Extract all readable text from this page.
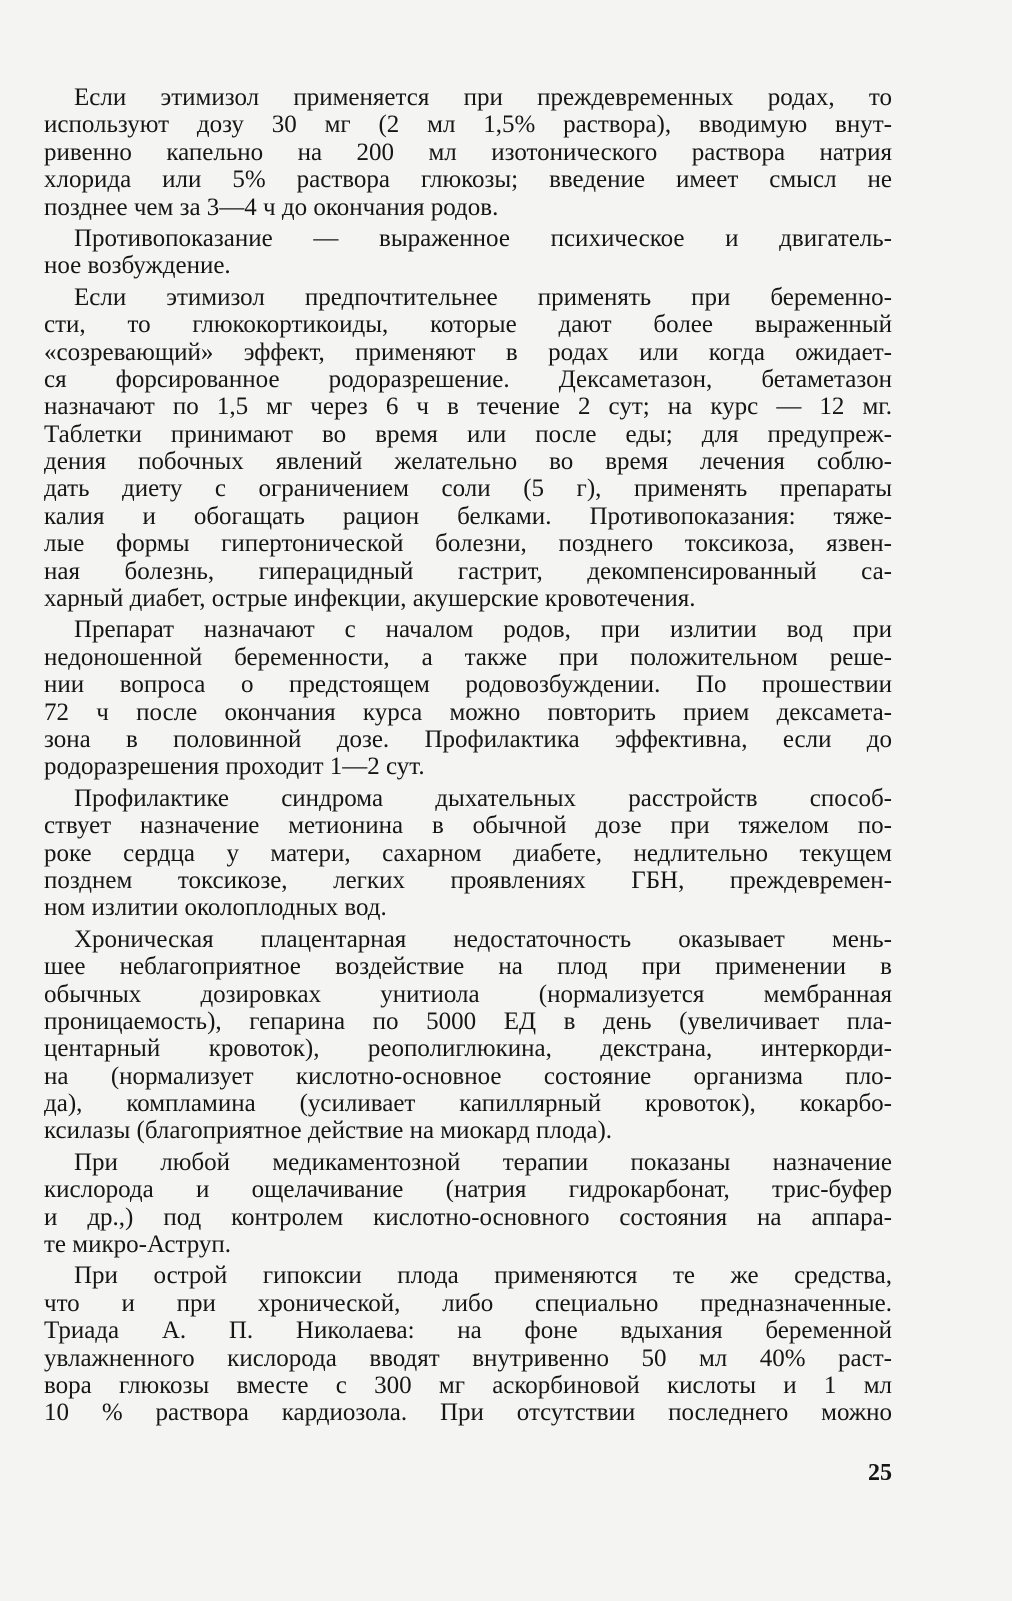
Если этимизол применяется при преждевременных родах, то
используют дозу 30 мг (2 мл 1,5% раствора), вводимую внут-
ривенно капельно на 200 мл изотонического раствора натрия
хлорида или 5% раствора глюкозы; введение имеет смысл не
позднее чем за 3—4 ч до окончания родов.
Противопоказание — выраженное психическое и двигатель-
ное возбуждение.
Если этимизол предпочтительнее применять при беременно-
сти, то глюкокортикоиды, которые дают более выраженный
«созревающий» эффект, применяют в родах или когда ожидает-
ся форсированное родоразрешение. Дексаметазон, бетаметазон
назначают по 1,5 мг через 6 ч в течение 2 сут; на курс — 12 мг.
Таблетки принимают во время или после еды; для предупреж-
дения побочных явлений желательно во время лечения соблю-
дать диету с ограничением соли (5 г), применять препараты
калия и обогащать рацион белками. Противопоказания: тяже-
лые формы гипертонической болезни, позднего токсикоза, язвен-
ная болезнь, гиперацидный гастрит, декомпенсированный са-
харный диабет, острые инфекции, акушерские кровотечения.
Препарат назначают с началом родов, при излитии вод при
недоношенной беременности, а также при положительном реше-
нии вопроса о предстоящем родовозбуждении. По прошествии
72 ч после окончания курса можно повторить прием дексамета-
зона в половинной дозе. Профилактика эффективна, если до
родоразрешения проходит 1—2 сут.
Профилактике синдрома дыхательных расстройств способ-
ствует назначение метионина в обычной дозе при тяжелом по-
роке сердца у матери, сахарном диабете, недлительно текущем
позднем токсикозе, легких проявлениях ГБН, преждевремен-
ном излитии околоплодных вод.
Хроническая плацентарная недостаточность оказывает мень-
шее неблагоприятное воздействие на плод при применении в
обычных дозировках унитиола (нормализуется мембранная
проницаемость), гепарина по 5000 ЕД в день (увеличивает пла-
центарный кровоток), реополиглюкина, декстрана, интеркорди-
на (нормализует кислотно-основное состояние организма пло-
да), компламина (усиливает капиллярный кровоток), кокарбо-
ксилазы (благоприятное действие на миокард плода).
При любой медикаментозной терапии показаны назначение
кислорода и ощелачивание (натрия гидрокарбонат, трис-буфер
и др.,) под контролем кислотно-основного состояния на аппара-
те микро-Аструп.
При острой гипоксии плода применяются те же средства,
что и при хронической, либо специально предназначенные.
Триада А. П. Николаева: на фоне вдыхания беременной
увлажненного кислорода вводят внутривенно 50 мл 40% раст-
вора глюкозы вместе с 300 мг аскорбиновой кислоты и 1 мл
10 % раствора кардиозола. При отсутствии последнего можно
25
